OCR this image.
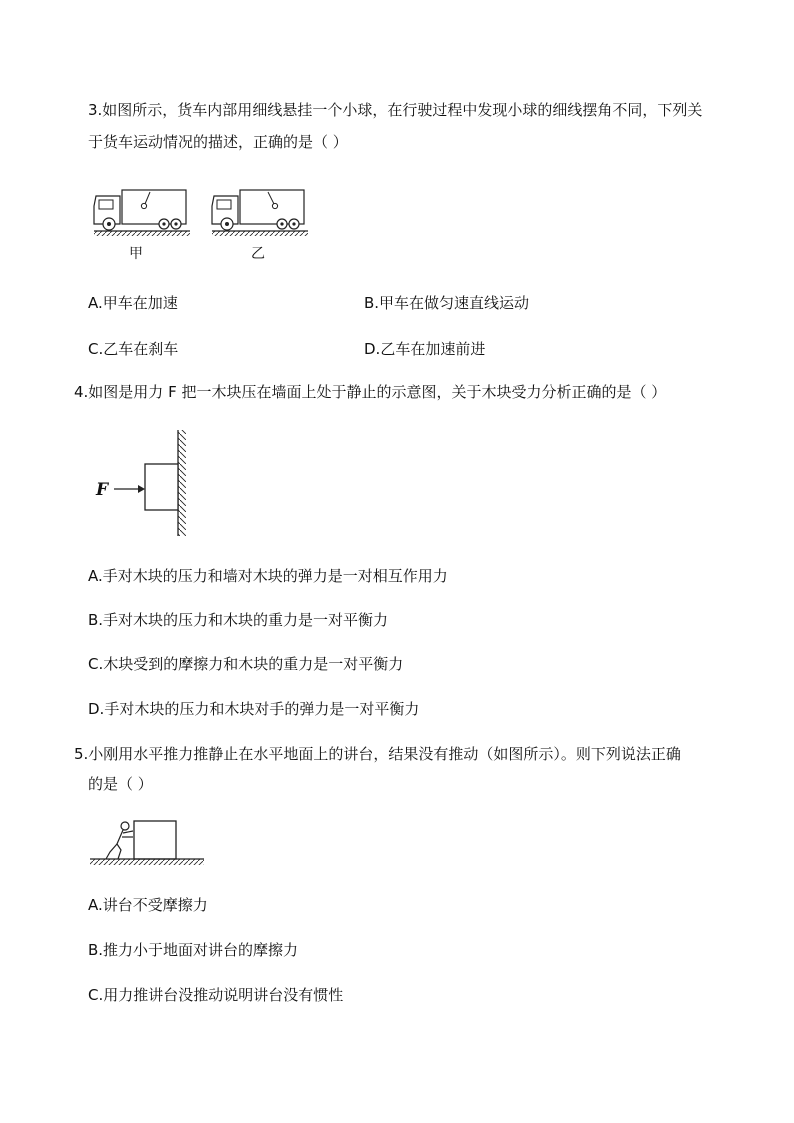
3.如图所示，货车内部用细线悬挂一个小球，在行驶过程中发现小球的细线摆角不同，下列关
于货车运动情况的描述，正确的是（ ）
甲	乙
A.甲车在加速	B.甲车在做匀速直线运动
C.乙车在刹车	D.乙车在加速前进
4.如图是用力 F 把一木块压在墙面上处于静止的示意图，关于木块受力分析正确的是（ ）
F
A.手对木块的压力和墙对木块的弹力是一对相互作用力
B.手对木块的压力和木块的重力是一对平衡力
C.木块受到的摩擦力和木块的重力是一对平衡力
D.手对木块的压力和木块对手的弹力是一对平衡力
5.小刚用水平推力推静止在水平地面上的讲台，结果没有推动（如图所示）。则下列说法正确
的是（ ）
A.讲台不受摩擦力
B.推力小于地面对讲台的摩擦力
C.用力推讲台没推动说明讲台没有惯性
